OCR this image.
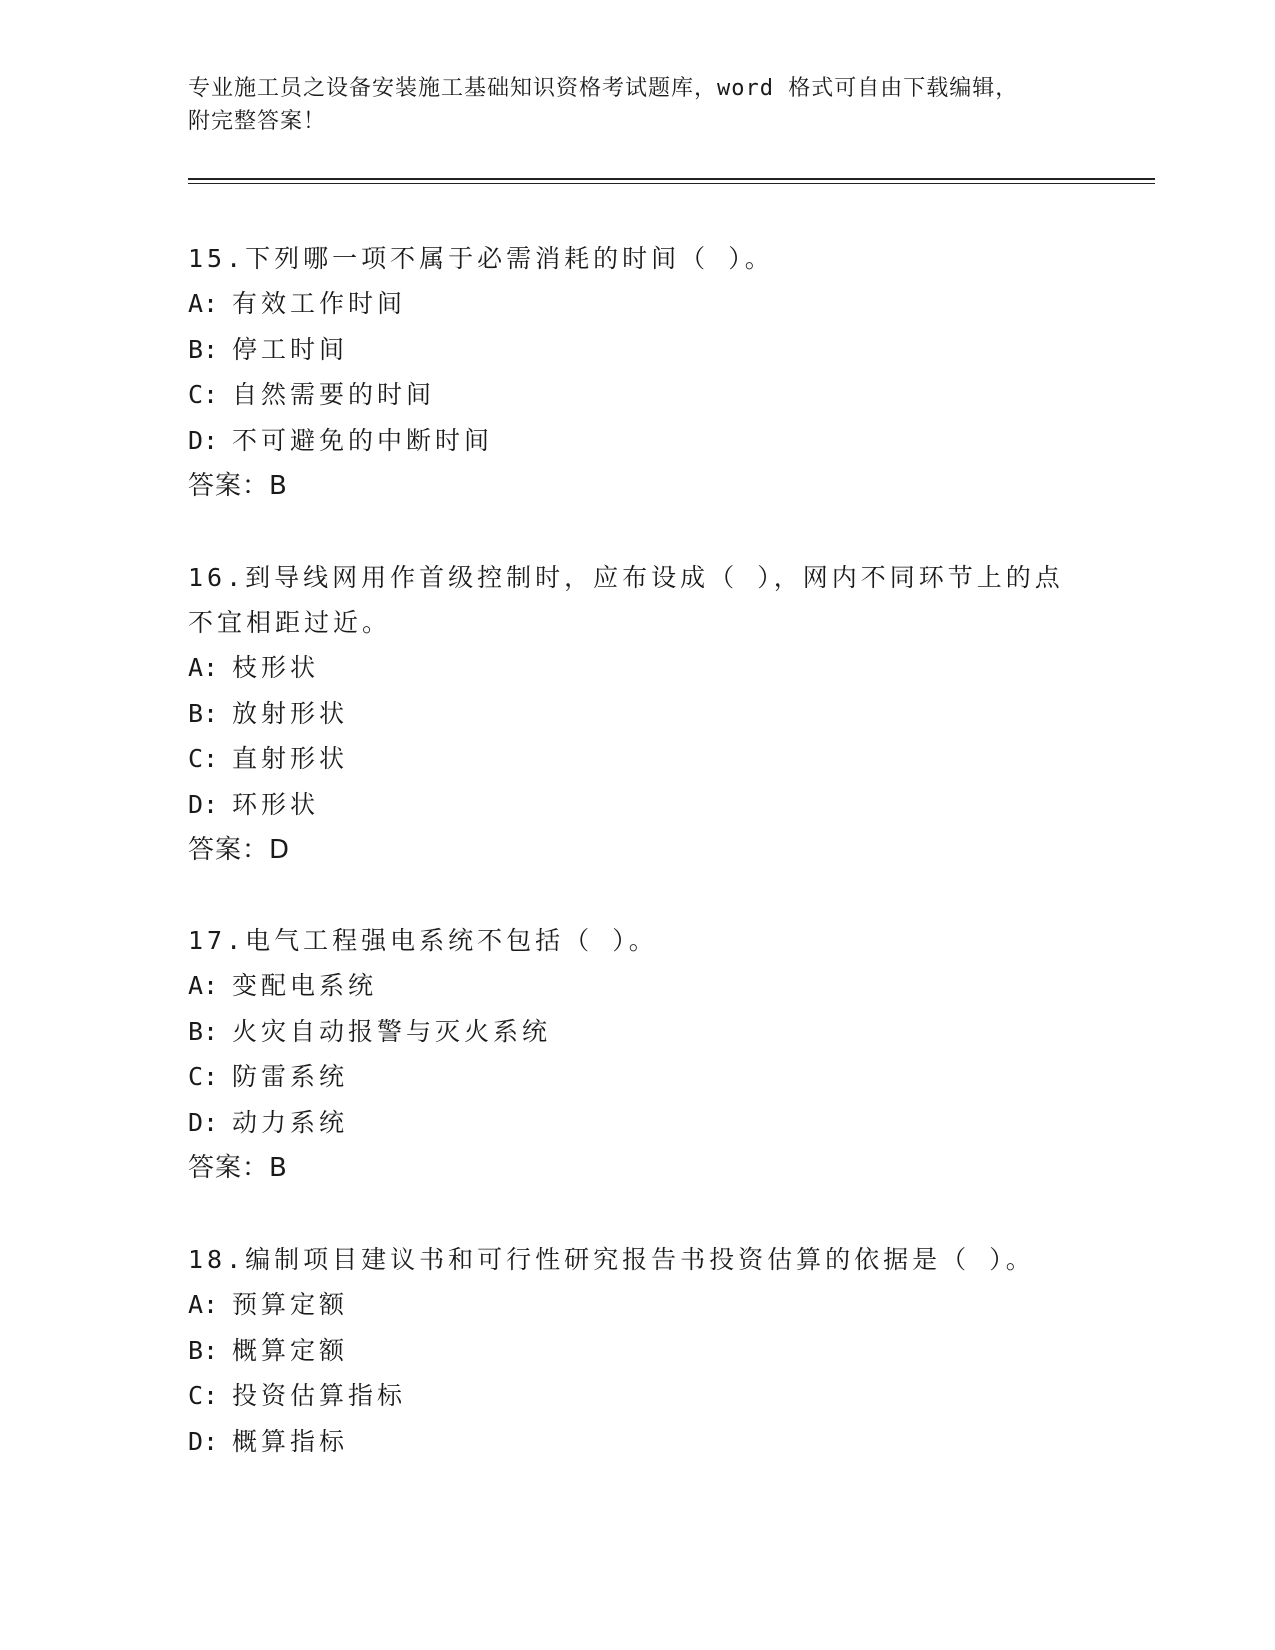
专业施工员之设备安装施工基础知识资格考试题库，word 格式可自由下载编辑，
附完整答案！
15.下列哪一项不属于必需消耗的时间（ ）。
A: 有效工作时间
B: 停工时间
C: 自然需要的时间
D: 不可避免的中断时间
答案：B
16.到导线网用作首级控制时，应布设成（ ），网内不同环节上的点
不宜相距过近。
A: 枝形状
B: 放射形状
C: 直射形状
D: 环形状
答案：D
17.电气工程强电系统不包括（ ）。
A: 变配电系统
B: 火灾自动报警与灭火系统
C: 防雷系统
D: 动力系统
答案：B
18.编制项目建议书和可行性研究报告书投资估算的依据是（ ）。
A: 预算定额
B: 概算定额
C: 投资估算指标
D: 概算指标
